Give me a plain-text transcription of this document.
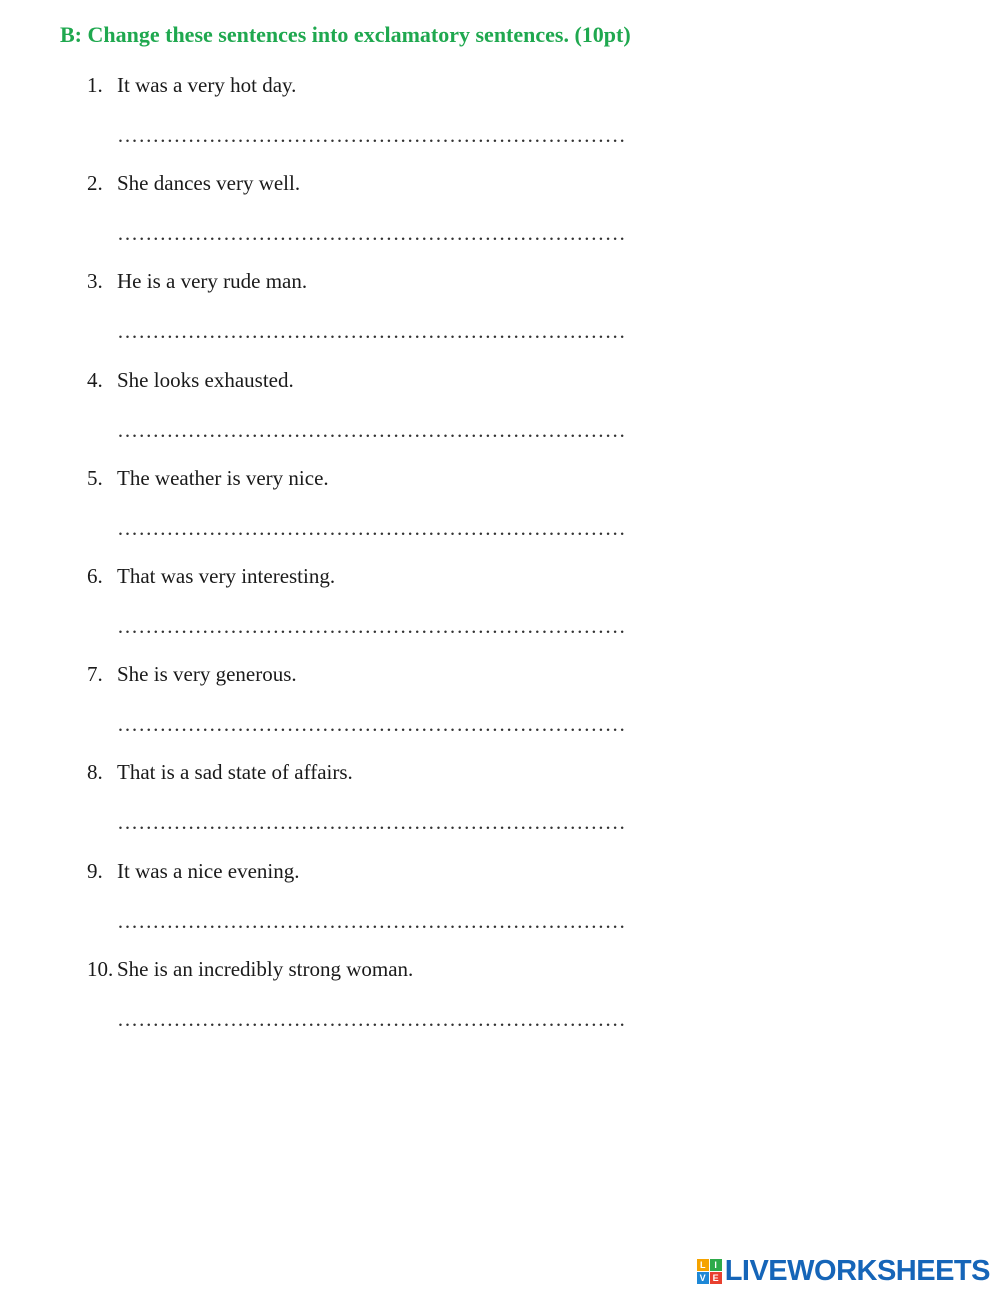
B: Change these sentences into exclamatory sentences. (10pt)
1. It was a very hot day.
………………………………………………………………
2. She dances very well.
………………………………………………………………
3. He is a very rude man.
………………………………………………………………
4. She looks exhausted.
………………………………………………………………
5. The weather is very nice.
………………………………………………………………
6. That was very interesting.
………………………………………………………………
7. She is very generous.
………………………………………………………………
8. That is a sad state of affairs.
………………………………………………………………
9. It was a nice evening.
………………………………………………………………
10. She is an incredibly strong woman.
………………………………………………………………
L I
V E LIVEWORKSHEETS
